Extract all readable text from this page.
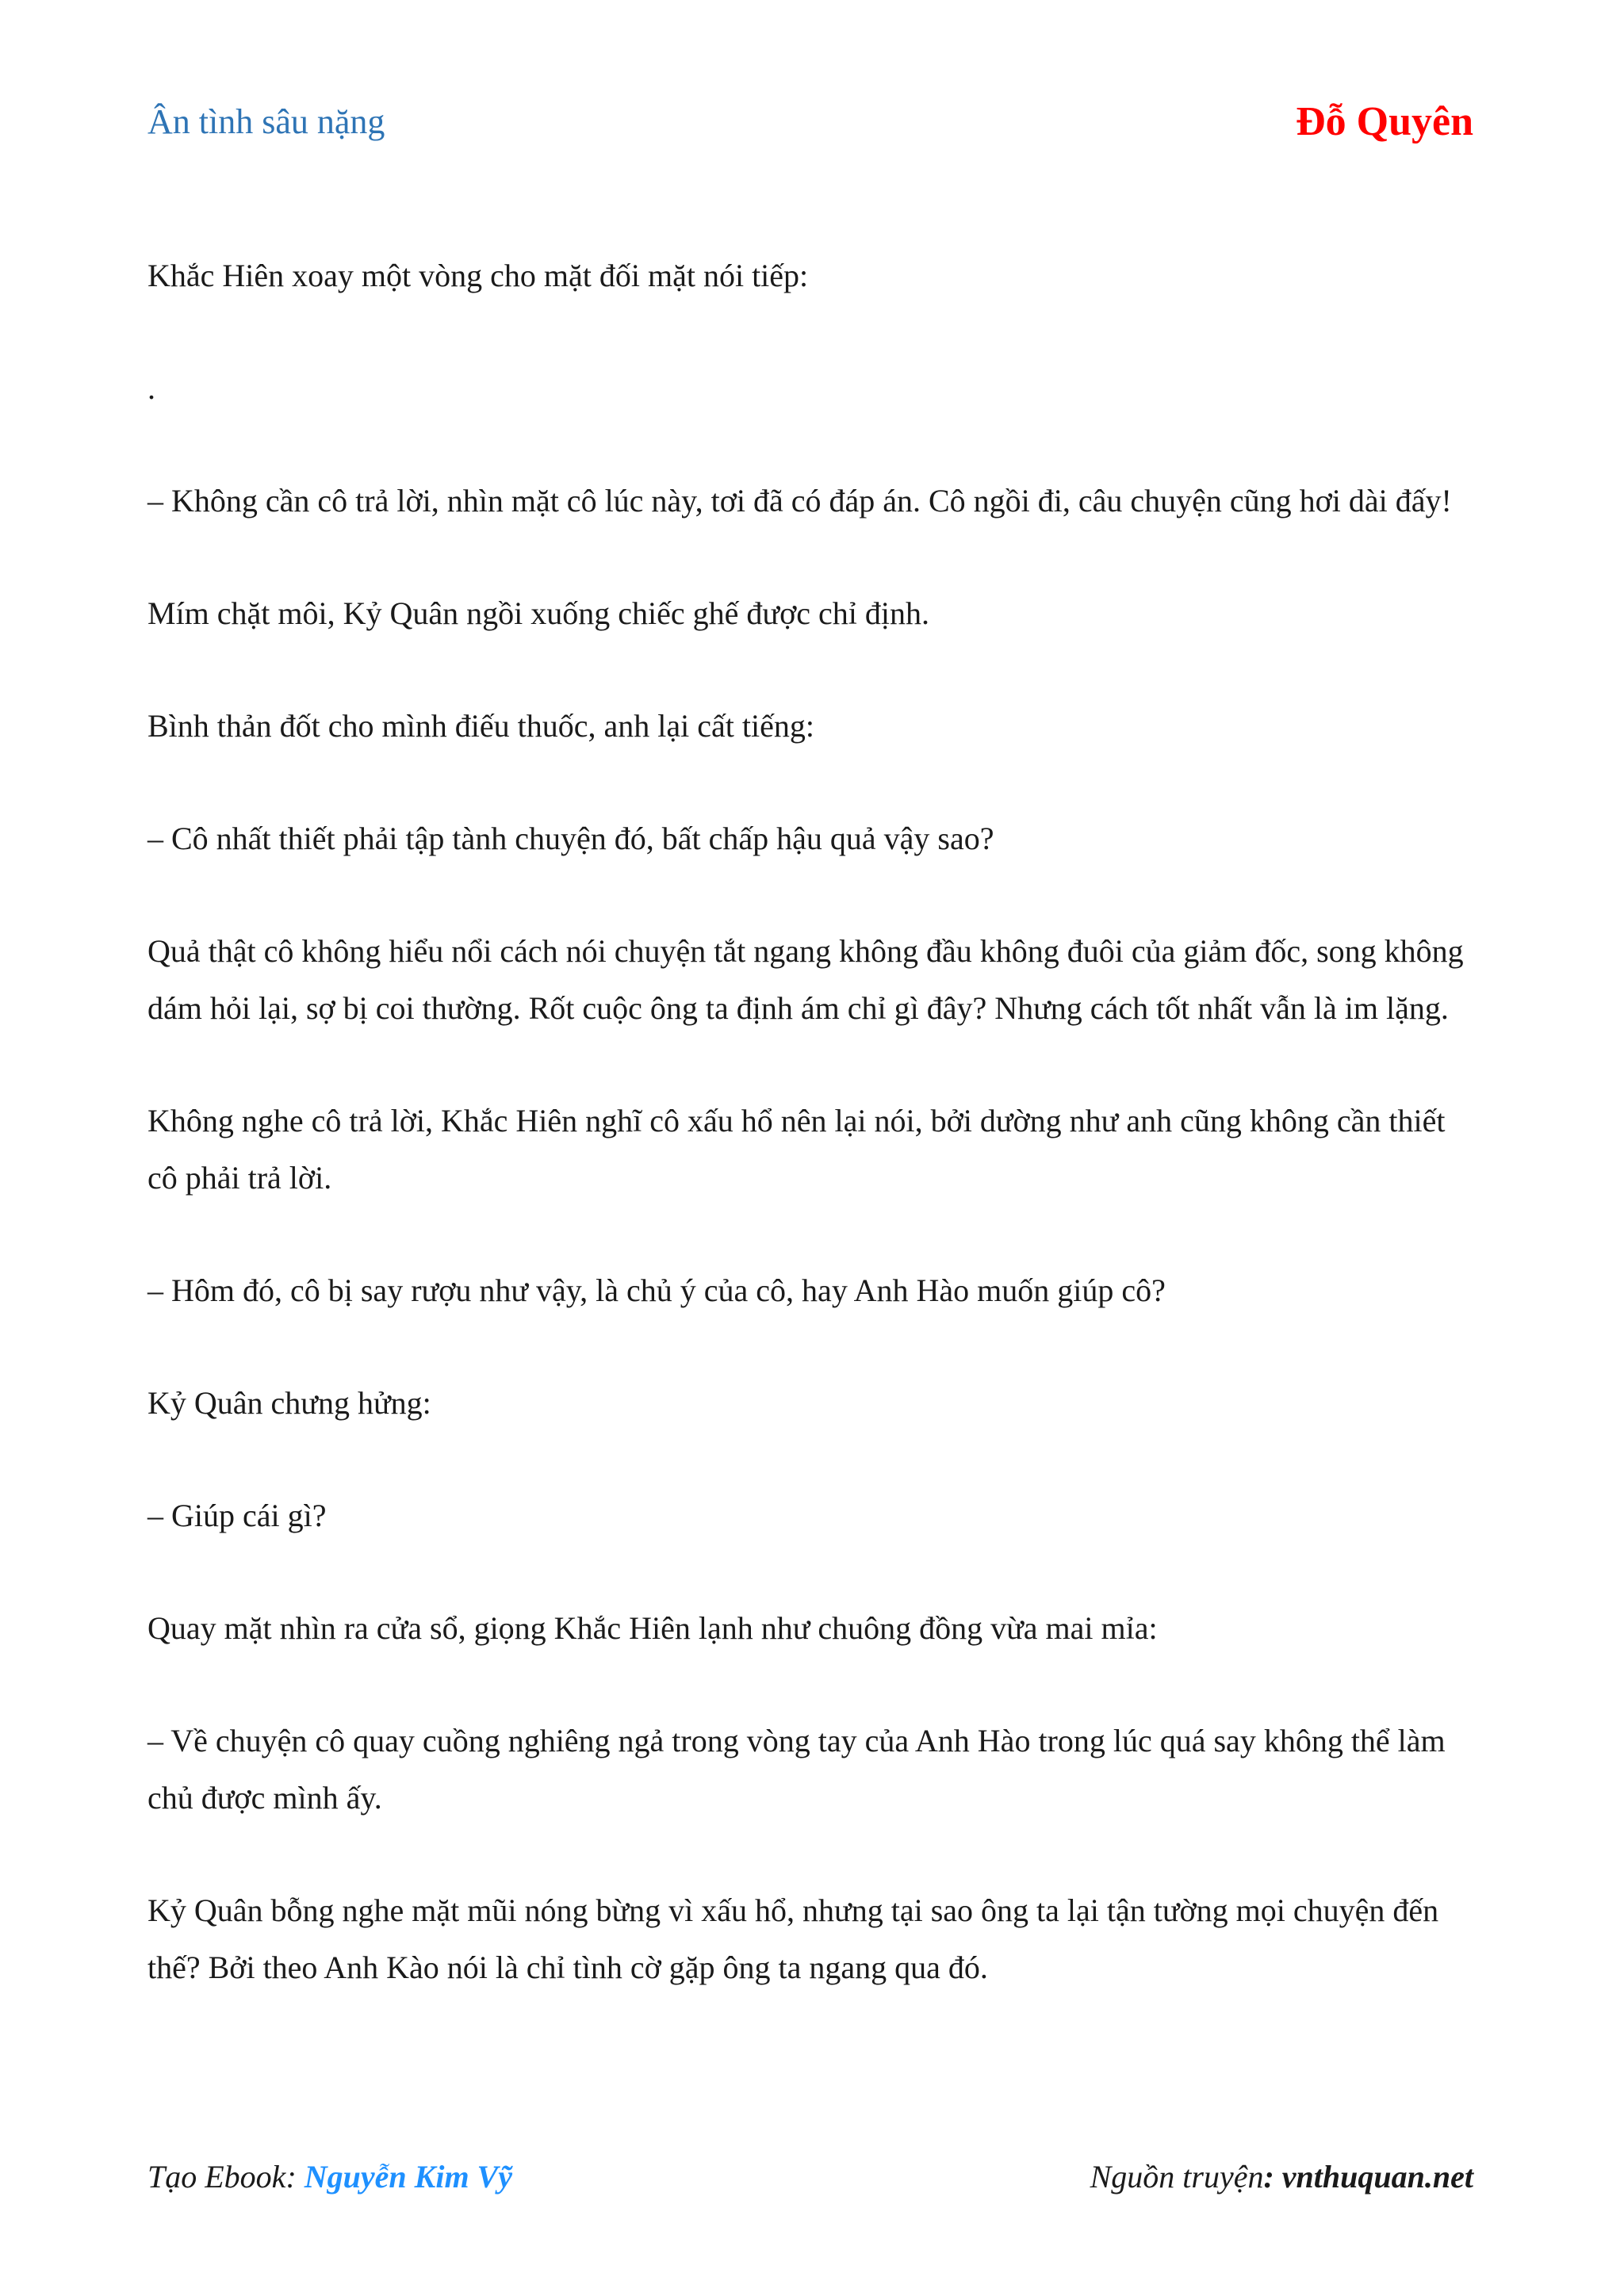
Ân tình sâu nặng	Đỗ Quyên

Khắc Hiên xoay một vòng cho mặt đối mặt nói tiếp:

.

– Không cần cô trả lời, nhìn mặt cô lúc này, tơi đã có đáp án. Cô ngồi đi, câu chuyện cũng hơi dài đấy!

Mím chặt môi, Kỷ Quân ngồi xuống chiếc ghế được chỉ định.

Bình thản đốt cho mình điếu thuốc, anh lại cất tiếng:

– Cô nhất thiết phải tập tành chuyện đó, bất chấp hậu quả vậy sao?

Quả thật cô không hiểu nổi cách nói chuyện tắt ngang không đầu không đuôi của giảm đốc, song không dám hỏi lại, sợ bị coi thường. Rốt cuộc ông ta định ám chỉ gì đây? Nhưng cách tốt nhất vẫn là im lặng.

Không nghe cô trả lời, Khắc Hiên nghĩ cô xấu hổ nên lại nói, bởi dường như anh cũng không cần thiết cô phải trả lời.

– Hôm đó, cô bị say rượu như vậy, là chủ ý của cô, hay Anh Hào muốn giúp cô?

Kỷ Quân chưng hửng:

– Giúp cái gì?

Quay mặt nhìn ra cửa sổ, giọng Khắc Hiên lạnh như chuông đồng vừa mai mỉa:

– Về chuyện cô quay cuồng nghiêng ngả trong vòng tay của Anh Hào trong lúc quá say không thể làm chủ được mình ấy.

Kỷ Quân bỗng nghe mặt mũi nóng bừng vì xấu hổ, nhưng tại sao ông ta lại tận tường mọi chuyện đến thế? Bởi theo Anh Kào nói là chỉ tình cờ gặp ông ta ngang qua đó.

Tạo Ebook: Nguyễn Kim Vỹ	Nguồn truyện: vnthuquan.net
